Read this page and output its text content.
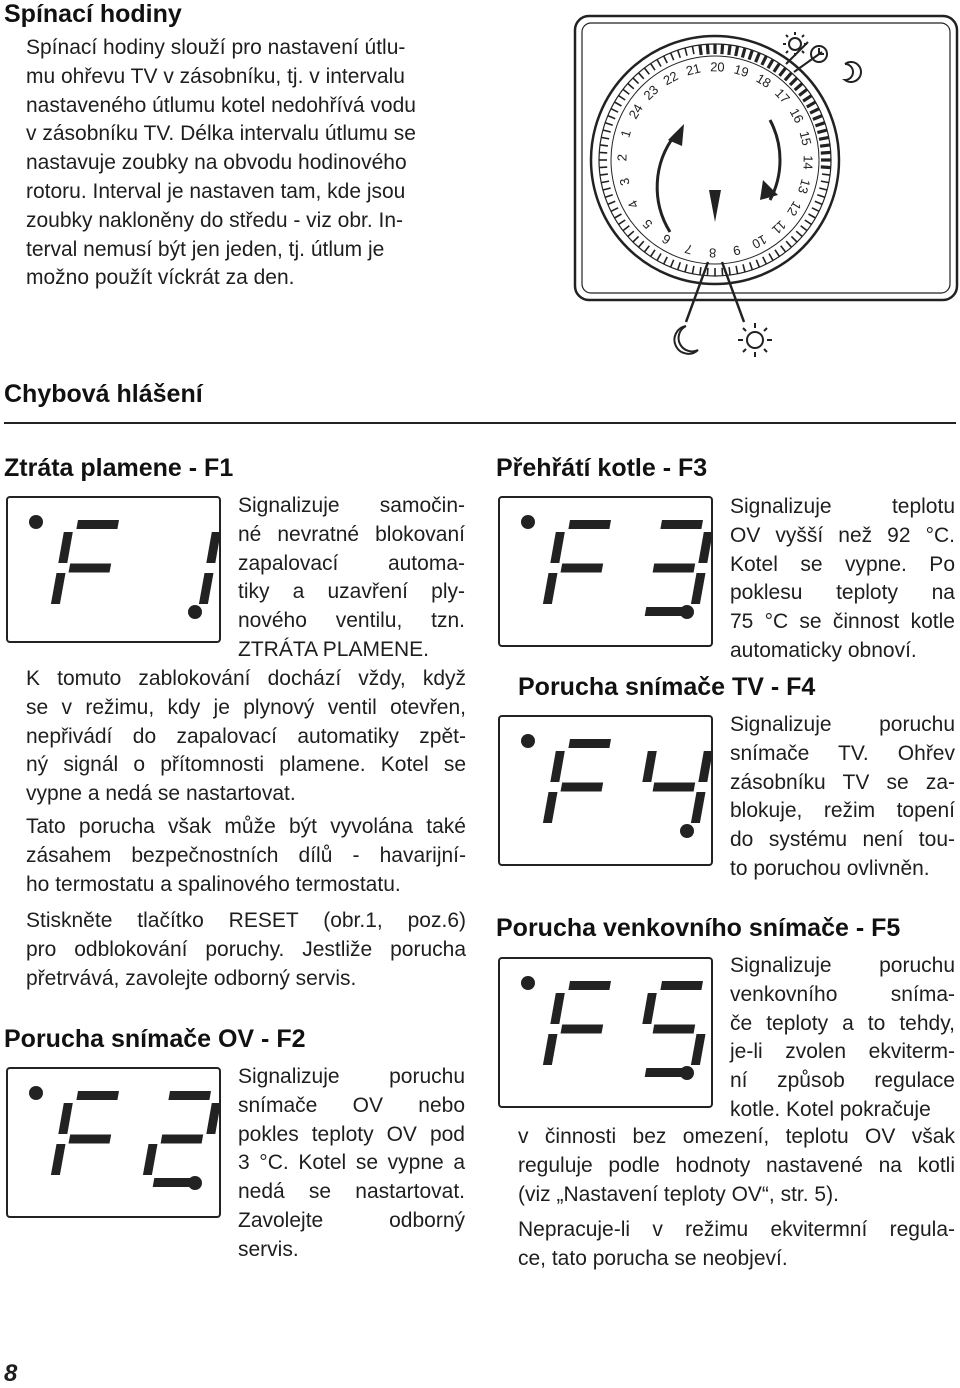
Spínací hodiny
Spínací hodiny slouží pro nastavení útlu-
mu ohřevu TV v zásobníku, tj. v intervalu
nastaveného útlumu kotel nedohřívá vodu
v zásobníku TV. Délka intervalu útlumu se
nastavuje zoubky na obvodu hodinového
rotoru. Interval je nastaven tam, kde jsou
zoubky nakloněny do středu - viz obr. In-
terval nemusí být jen jeden, tj. útlum je
možno použít víckrát za den.
1
2
3
4
5
6
7 8 9 10
11
12
13
14
15
16
17
18
19
20
21
22
23
24
Chybová hlášení
Ztráta plamene - F1
Signalizuje samočin-
né nevratné blokovaní
zapalovací automa-
tiky a uzavření ply-
nového ventilu, tzn.
ZTRÁTA PLAMENE.
K tomuto zablokování dochází vždy, když
se v režimu, kdy je plynový ventil otevřen,
nepřivádí do zapalovací automatiky zpět-
ný signál o přítomnosti plamene. Kotel se
vypne a nedá se nastartovat.
Tato porucha však může být vyvolána také
zásahem bezpečnostních dílů - havarijní-
ho termostatu a spalinového termostatu.
Stiskněte tlačítko RESET (obr.1, poz.6)
pro odblokování poruchy. Jestliže porucha
přetrvává, zavolejte odborný servis.
Porucha snímače OV - F2
Signalizuje poruchu
snímače OV nebo
pokles teploty OV pod
3 °C. Kotel se vypne a
nedá se nastartovat.
Zavolejte odborný
servis.
Přehřátí kotle - F3
Signalizuje teplotu
OV vyšší než 92 °C.
Kotel se vypne. Po
poklesu teploty na
75 °C se činnost kotle
automaticky obnoví.
Porucha snímače TV - F4
Signalizuje poruchu
snímače TV. Ohřev
zásobníku TV se za-
blokuje, režim topení
do systému není tou-
to poruchou ovlivněn.
Porucha venkovního snímače - F5
Signalizuje poruchu
venkovního sníma-
če teploty a to tehdy,
je-li zvolen ekviterm-
ní způsob regulace
kotle. Kotel pokračuje
v činnosti bez omezení, teplotu OV však
reguluje podle hodnoty nastavené na kotli
(viz „Nastavení teploty OV“, str. 5).
Nepracuje-li v režimu ekvitermní regula-
ce, tato porucha se neobjeví.
8
